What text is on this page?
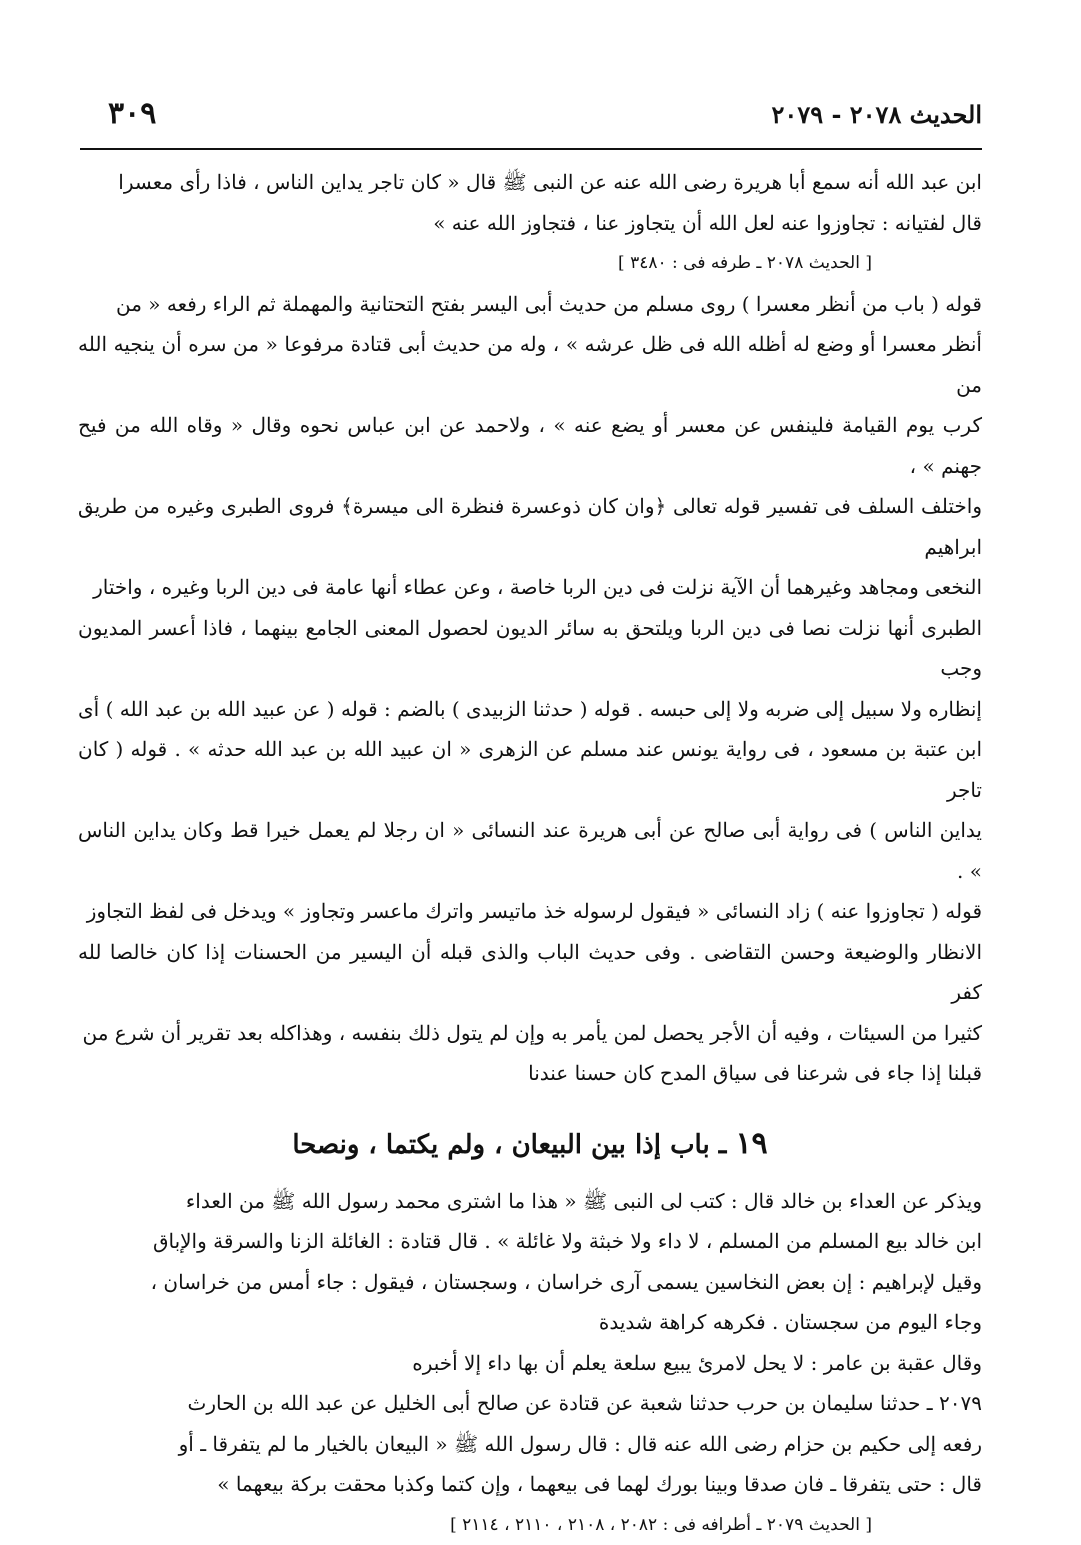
الحديث ٢٠٧٨ - ٢٠٧٩
٣٠٩

ابن عبد الله أنه سمع أبا هريرة رضى الله عنه عن النبى ﷺ قال « كان تاجر يداين الناس ، فاذا رأى معسرا

قال لفتيانه : تجاوزوا عنه لعل الله أن يتجاوز عنا ، فتجاوز الله عنه »

[ الحديث ٢٠٧٨ ـ طرفه فى : ٣٤٨٠ ]

قوله ( باب من أنظر معسرا ) روى مسلم من حديث أبى اليسر بفتح التحتانية والمهملة ثم الراء رفعه « من

أنظر معسرا أو وضع له أظله الله فى ظل عرشه » ، وله من حديث أبى قتادة مرفوعا « من سره أن ينجيه الله من

كرب يوم القيامة فلينفس عن معسر أو يضع عنه » ، ولاحمد عن ابن عباس نحوه وقال « وقاه الله من فيح جهنم » ،

واختلف السلف فى تفسير قوله تعالى ﴿وان كان ذوعسرة فنظرة الى ميسرة﴾ فروى الطبرى وغيره من طريق ابراهيم

النخعى ومجاهد وغيرهما أن الآية نزلت فى دين الربا خاصة ، وعن عطاء أنها عامة فى دين الربا وغيره ، واختار

الطبرى أنها نزلت نصا فى دين الربا ويلتحق به سائر الديون لحصول المعنى الجامع بينهما ، فاذا أعسر المديون وجب

إنظاره ولا سبيل إلى ضربه ولا إلى حبسه . قوله ( حدثنا الزبيدى ) بالضم : قوله ( عن عبيد الله بن عبد الله ) أى

ابن عتبة بن مسعود ، فى رواية يونس عند مسلم عن الزهرى « ان عبيد الله بن عبد الله حدثه » . قوله ( كان تاجر

يداين الناس ) فى رواية أبى صالح عن أبى هريرة عند النسائى « ان رجلا لم يعمل خيرا قط وكان يداين الناس » .

قوله ( تجاوزوا عنه ) زاد النسائى « فيقول لرسوله خذ ماتيسر واترك ماعسر وتجاوز » ويدخل فى لفظ التجاوز

الانظار والوضيعة وحسن التقاضى . وفى حديث الباب والذى قبله أن اليسير من الحسنات إذا كان خالصا لله كفر

كثيرا من السيئات ، وفيه أن الأجر يحصل لمن يأمر به وإن لم يتول ذلك بنفسه ، وهذاكله بعد تقرير أن شرع من

قبلنا إذا جاء فى شرعنا فى سياق المدح كان حسنا عندنا

١٩ ـ باب إذا بين البيعان ، ولم يكتما ، ونصحا

ويذكر عن العداء بن خالد قال : كتب لى النبى ﷺ « هذا ما اشترى محمد رسول الله ﷺ من العداء

ابن خالد بيع المسلم من المسلم ، لا داء ولا خبثة ولا غائلة » . قال قتادة : الغائلة الزنا والسرقة والإباق

وقيل لإبراهيم : إن بعض النخاسين يسمى آرى خراسان ، وسجستان ، فيقول : جاء أمس من خراسان ،

وجاء اليوم من سجستان . فكرهه كراهة شديدة

وقال عقبة بن عامر : لا يحل لامرئ يبيع سلعة يعلم أن بها داء إلا أخبره

٢٠٧٩ ـ حدثنا سليمان بن حرب حدثنا شعبة عن قتادة عن صالح أبى الخليل عن عبد الله بن الحارث

رفعه إلى حكيم بن حزام رضى الله عنه قال : قال رسول الله ﷺ « البيعان بالخيار ما لم يتفرقا ـ أو

قال : حتى يتفرقا ـ فان صدقا وبينا بورك لهما فى بيعهما ، وإن كتما وكذبا محقت بركة بيعهما »

[ الحديث ٢٠٧٩ ـ أطرافه فى : ٢٠٨٢ ، ٢١٠٨ ، ٢١١٠ ، ٢١١٤ ]
